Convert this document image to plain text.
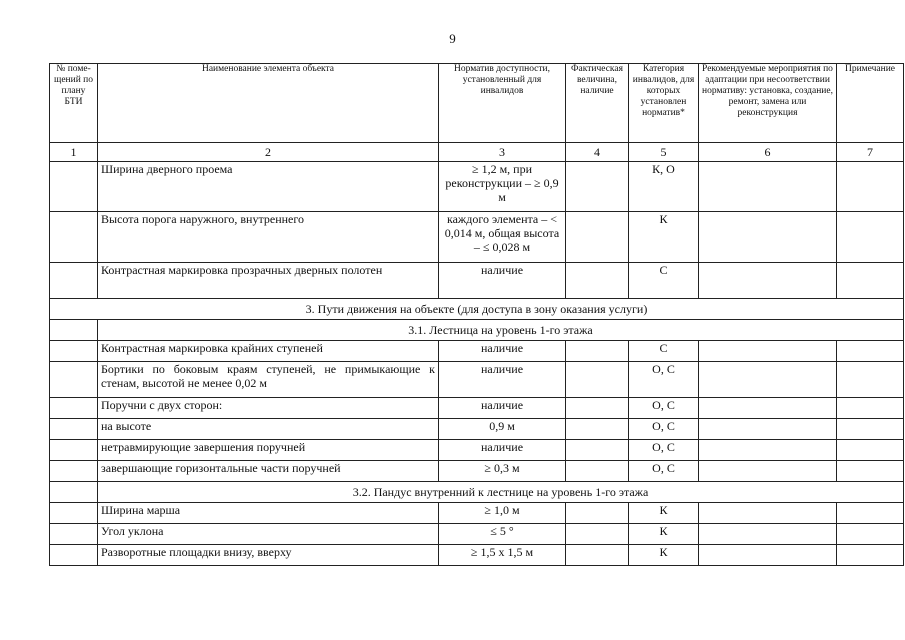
9
№ поме-щений по плану БТИ	Наименование элемента объекта	Норматив доступности, установленный для инвалидов	Фактическая величина, наличие	Категория инвалидов, для которых установлен норматив*	Рекомендуемые мероприятия по адаптации при несоответствии нормативу: установка, создание, ремонт, замена или реконструкция	Примечание
1	2	3	4	5	6	7
	Ширина дверного проема	≥ 1,2 м, при реконструкции – ≥ 0,9 м		К, О		
	Высота порога наружного, внутреннего	каждого элемента – < 0,014 м, общая высота – ≤ 0,028 м		К		
	Контрастная маркировка прозрачных дверных полотен	наличие		С		
3. Пути движения на объекте (для доступа в зону оказания услуги)						
	3.1. Лестница на уровень 1-го этажа					
	Контрастная маркировка крайних ступеней	наличие		С		
	Бортики по боковым краям ступеней, не примыкающие к стенам, высотой не менее 0,02 м	наличие		О, С		
	Поручни с двух сторон:	наличие		О, С		
	на высоте	0,9 м		О, С		
	нетравмирующие завершения поручней	наличие		О, С		
	завершающие горизонтальные части поручней	≥ 0,3 м		О, С		
	3.2. Пандус внутренний к лестнице на уровень 1-го этажа					
	Ширина марша	≥ 1,0 м		К		
	Угол уклона	≤ 5 °		К		
	Разворотные площадки внизу, вверху	≥ 1,5 х 1,5 м		К		
